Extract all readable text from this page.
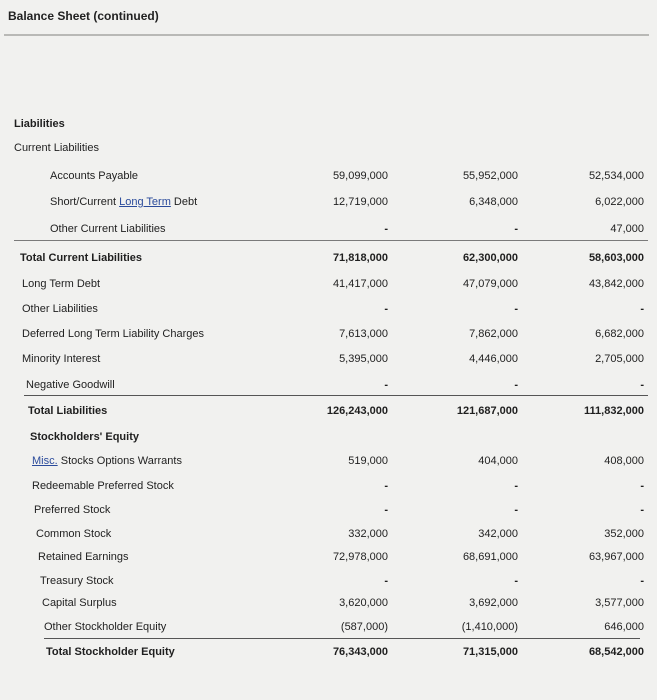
Balance Sheet (continued)
Liabilities
Current Liabilities
Accounts Payable	59,099,000	55,952,000	52,534,000
Short/Current Long Term Debt	12,719,000	6,348,000	6,022,000
Other Current Liabilities	-	-	47,000
Total Current Liabilities	71,818,000	62,300,000	58,603,000
Long Term Debt	41,417,000	47,079,000	43,842,000
Other Liabilities	-	-	-
Deferred Long Term Liability Charges	7,613,000	7,862,000	6,682,000
Minority Interest	5,395,000	4,446,000	2,705,000
Negative Goodwill	-	-	-
Total Liabilities	126,243,000	121,687,000	111,832,000
Stockholders' Equity
Misc. Stocks Options Warrants	519,000	404,000	408,000
Redeemable Preferred Stock	-	-	-
Preferred Stock	-	-	-
Common Stock	332,000	342,000	352,000
Retained Earnings	72,978,000	68,691,000	63,967,000
Treasury Stock	-	-	-
Capital Surplus	3,620,000	3,692,000	3,577,000
Other Stockholder Equity	(587,000)	(1,410,000)	646,000
Total Stockholder Equity	76,343,000	71,315,000	68,542,000
